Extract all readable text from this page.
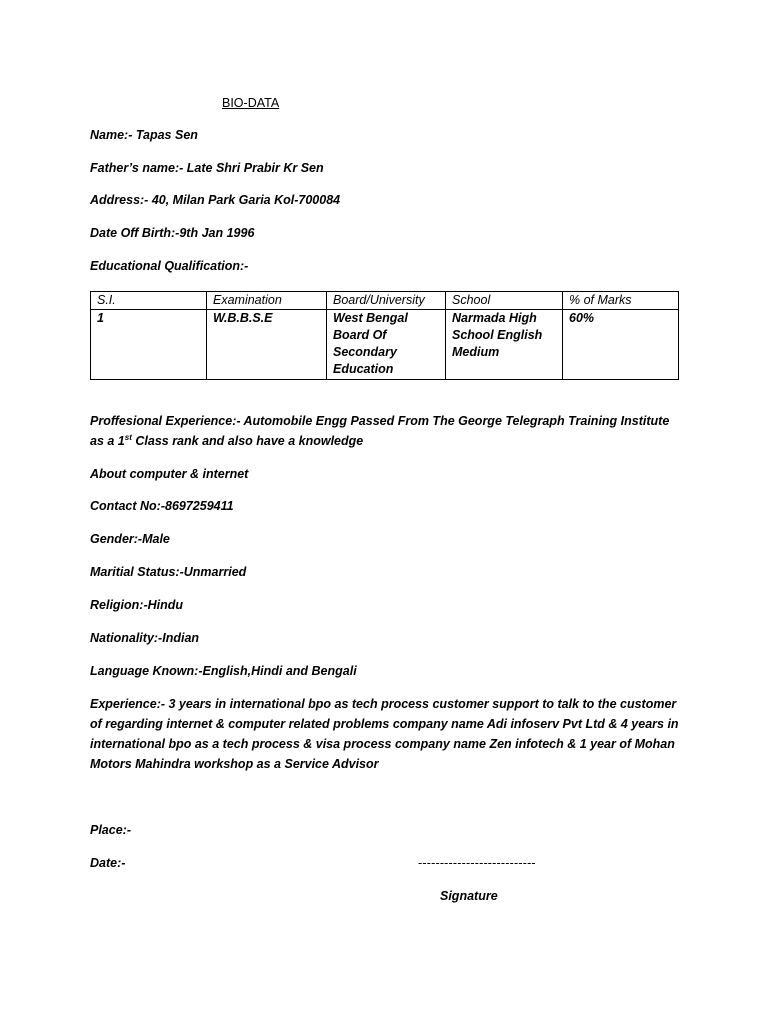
BIO-DATA

Name:- Tapas Sen

Father’s name:- Late Shri Prabir Kr Sen

Address:- 40, Milan Park Garia Kol-700084

Date Off Birth:-9th Jan 1996

Educational Qualification:-

S.I.	Examination	Board/University	School	% of Marks
1	W.B.B.S.E	West Bengal Board Of Secondary Education	Narmada High School English Medium	60%

Proffesional Experience:- Automobile Engg Passed From The George Telegraph Training Institute as a 1st Class rank and also have a knowledge

About computer & internet

Contact No:-8697259411

Gender:-Male

Maritial Status:-Unmarried

Religion:-Hindu

Nationality:-Indian

Language Known:-English,Hindi and Bengali

Experience:- 3 years in international bpo as tech process customer support to talk to the customer of regarding internet & computer related problems company name Adi infoserv Pvt Ltd & 4 years in international bpo as a tech process & visa process company name Zen infotech & 1 year of Mohan Motors Mahindra workshop as a Service Advisor

Place:-

Date:-	---------------------------

Signature
